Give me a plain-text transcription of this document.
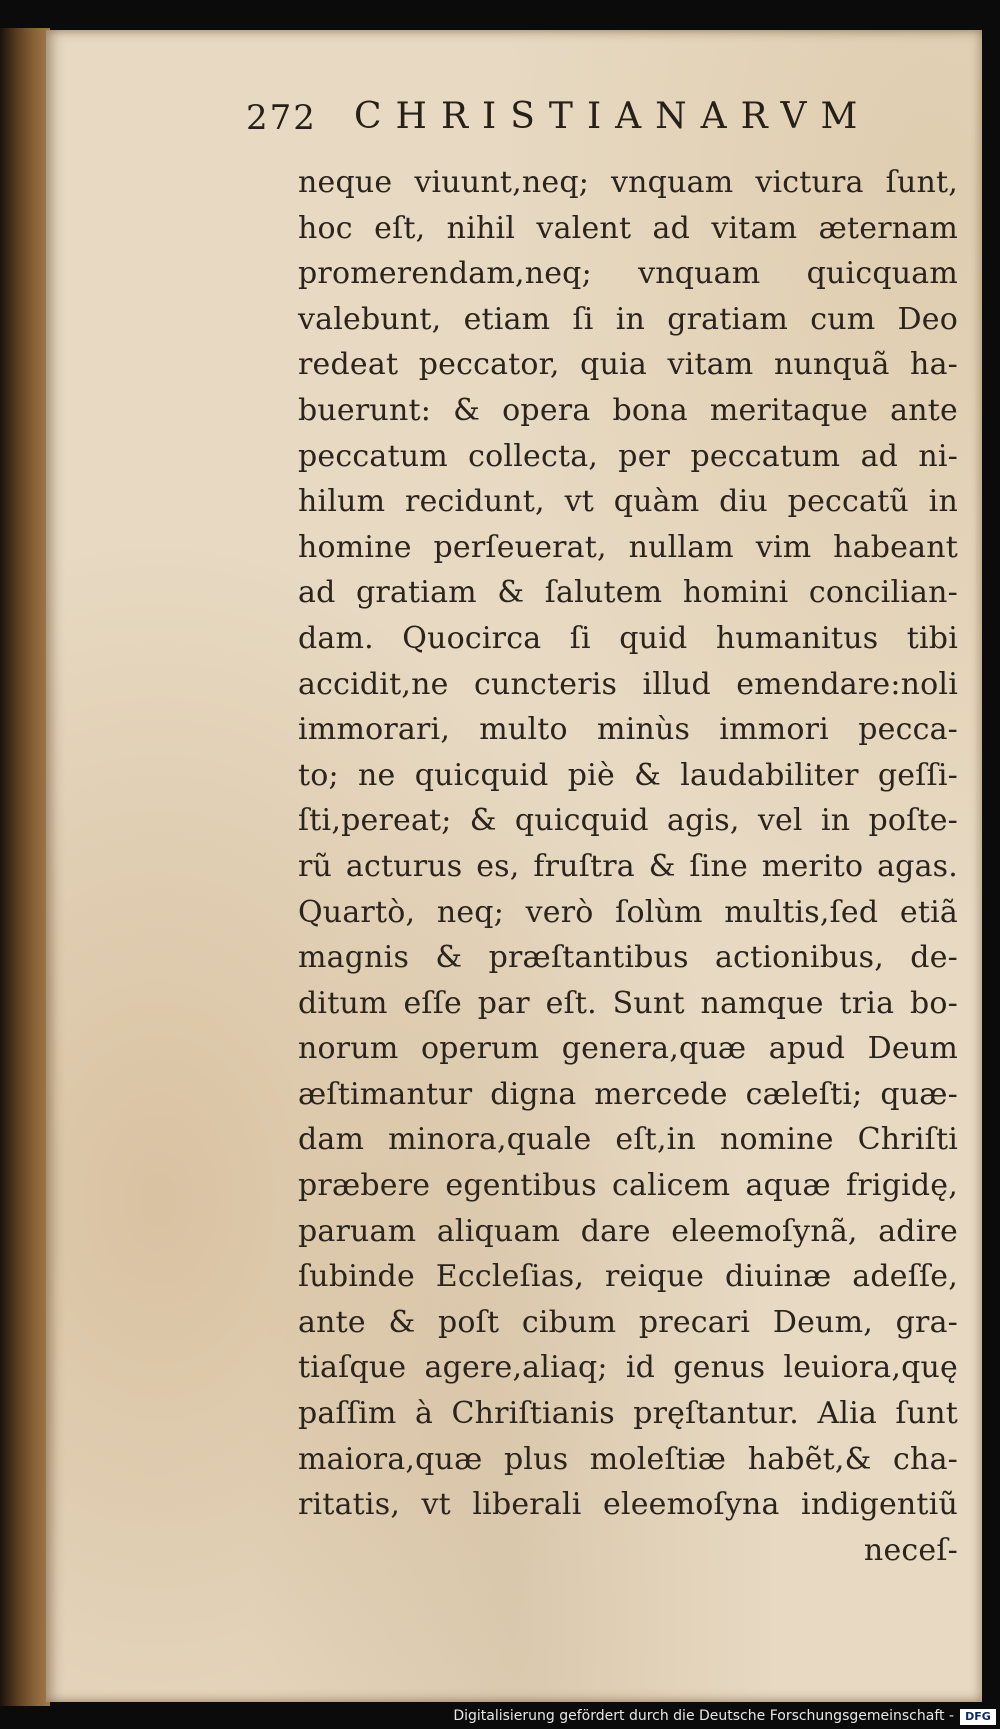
272 CHRISTIANARVM
neque viuunt,neq; vnquam victura ſunt,
hoc eſt, nihil valent ad vitam æternam
promerendam,neq; vnquam quicquam
valebunt, etiam ſi in gratiam cum Deo
redeat peccator, quia vitam nunquã ha-
buerunt: & opera bona meritaque ante
peccatum collecta, per peccatum ad ni-
hilum recidunt, vt quàm diu peccatũ in
homine perſeuerat, nullam vim habeant
ad gratiam & ſalutem homini concilian-
dam. Quocirca ſi quid humanitus tibi
accidit,ne cuncteris illud emendare:noli
immorari, multo minùs immori pecca-
to; ne quicquid piè & laudabiliter geſſi-
ſti,pereat; & quicquid agis, vel in poſte-
rũ acturus es, fruſtra & ſine merito agas.
Quartò, neq; verò ſolùm multis,ſed etiã
magnis & præſtantibus actionibus, de-
ditum eſſe par eſt. Sunt namque tria bo-
norum operum genera,quæ apud Deum
æſtimantur digna mercede cæleſti; quæ-
dam minora,quale eſt,in nomine Chriſti
præbere egentibus calicem aquæ frigidę,
paruam aliquam dare eleemoſynã, adire
ſubinde Eccleſias, reique diuinæ adeſſe,
ante & poſt cibum precari Deum, gra-
tiaſque agere,aliaq; id genus leuiora,quę
paſſim à Chriſtianis pręſtantur. Alia ſunt
maiora,quæ plus moleſtiæ habẽt,& cha-
ritatis, vt liberali eleemoſyna indigentiũ
neceſ-
Digitalisierung gefördert durch die Deutsche Forschungsgemeinschaft -	DFG
